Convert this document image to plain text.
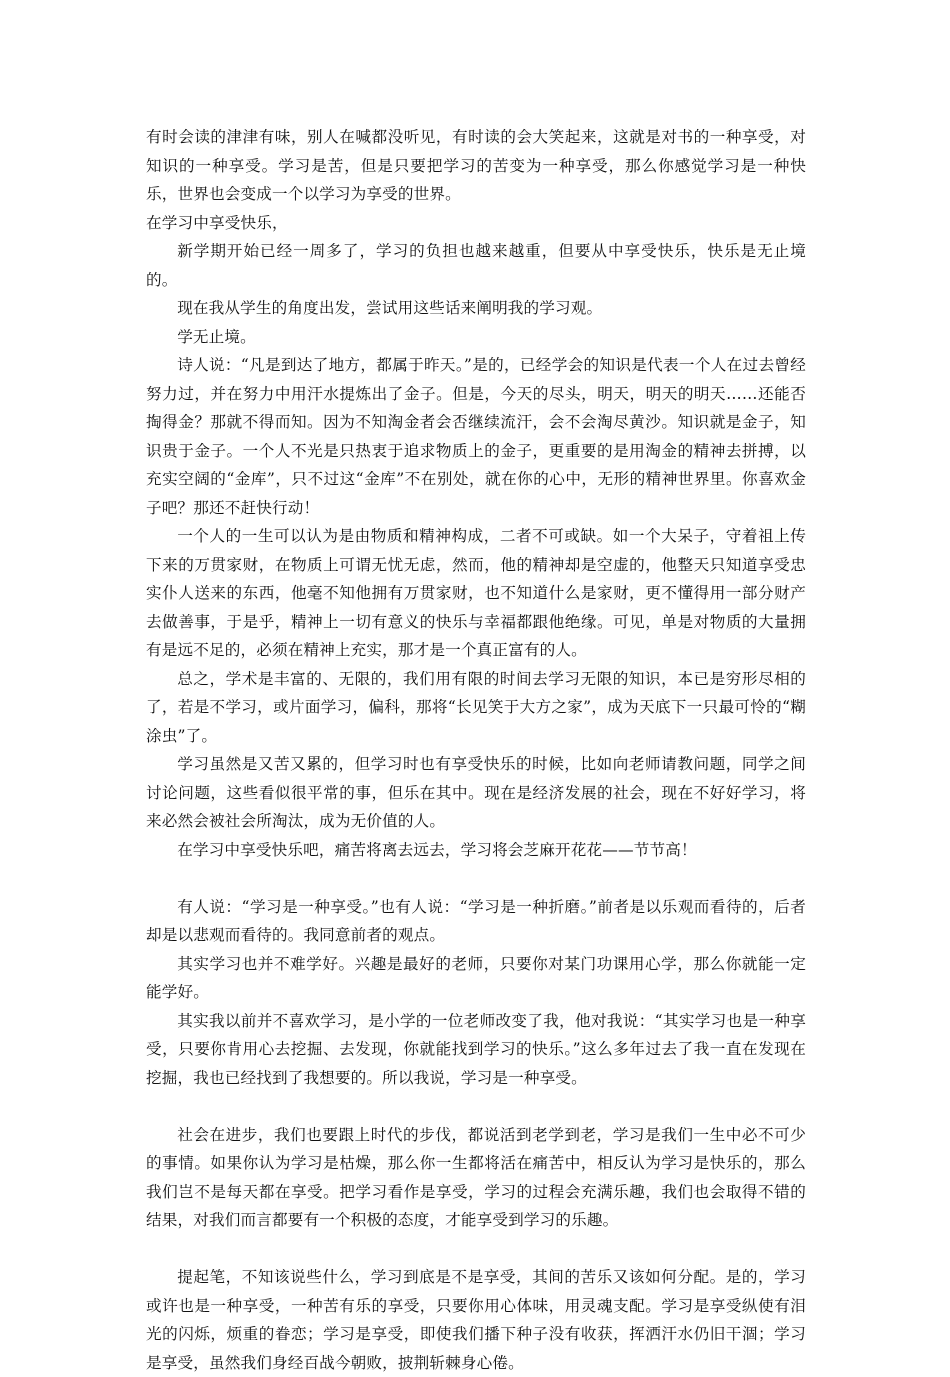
有时会读的津津有味，别人在喊都没听见，有时读的会大笑起来，这就是对书的一种享受，对知识的一种享受。学习是苦，但是只要把学习的苦变为一种享受，那么你感觉学习是一种快乐，世界也会变成一个以学习为享受的世界。

在学习中享受快乐，

新学期开始已经一周多了，学习的负担也越来越重，但要从中享受快乐，快乐是无止境的。

现在我从学生的角度出发，尝试用这些话来阐明我的学习观。

学无止境。

诗人说：“凡是到达了地方，都属于昨天。”是的，已经学会的知识是代表一个人在过去曾经努力过，并在努力中用汗水提炼出了金子。但是，今天的尽头，明天，明天的明天……还能否掏得金？那就不得而知。因为不知淘金者会否继续流汗，会不会淘尽黄沙。知识就是金子，知识贵于金子。一个人不光是只热衷于追求物质上的金子，更重要的是用淘金的精神去拼搏，以充实空阔的“金库”，只不过这“金库”不在别处，就在你的心中，无形的精神世界里。你喜欢金子吧？那还不赶快行动！

一个人的一生可以认为是由物质和精神构成，二者不可或缺。如一个大呆子，守着祖上传下来的万贯家财，在物质上可谓无忧无虑，然而，他的精神却是空虚的，他整天只知道享受忠实仆人送来的东西，他毫不知他拥有万贯家财，也不知道什么是家财，更不懂得用一部分财产去做善事，于是乎，精神上一切有意义的快乐与幸福都跟他绝缘。可见，单是对物质的大量拥有是远不足的，必须在精神上充实，那才是一个真正富有的人。

总之，学术是丰富的、无限的，我们用有限的时间去学习无限的知识，本已是穷形尽相的了，若是不学习，或片面学习，偏科，那将“长见笑于大方之家”，成为天底下一只最可怜的“糊涂虫”了。

学习虽然是又苦又累的，但学习时也有享受快乐的时候，比如向老师请教问题，同学之间讨论问题，这些看似很平常的事，但乐在其中。现在是经济发展的社会，现在不好好学习，将来必然会被社会所淘汰，成为无价值的人。

在学习中享受快乐吧，痛苦将离去远去，学习将会芝麻开花花——节节高！

有人说：“学习是一种享受。”也有人说：“学习是一种折磨。”前者是以乐观而看待的，后者却是以悲观而看待的。我同意前者的观点。

其实学习也并不难学好。兴趣是最好的老师，只要你对某门功课用心学，那么你就能一定能学好。

其实我以前并不喜欢学习，是小学的一位老师改变了我，他对我说：“其实学习也是一种享受，只要你肯用心去挖掘、去发现，你就能找到学习的快乐。”这么多年过去了我一直在发现在挖掘，我也已经找到了我想要的。所以我说，学习是一种享受。

社会在进步，我们也要跟上时代的步伐，都说活到老学到老，学习是我们一生中必不可少的事情。如果你认为学习是枯燥，那么你一生都将活在痛苦中，相反认为学习是快乐的，那么我们岂不是每天都在享受。把学习看作是享受，学习的过程会充满乐趣，我们也会取得不错的结果，对我们而言都要有一个积极的态度，才能享受到学习的乐趣。

提起笔，不知该说些什么，学习到底是不是享受，其间的苦乐又该如何分配。是的，学习或许也是一种享受，一种苦有乐的享受，只要你用心体味，用灵魂支配。学习是享受纵使有泪光的闪烁，烦重的眷恋；学习是享受，即使我们播下种子没有收获，挥洒汗水仍旧干涸；学习是享受，虽然我们身经百战今朝败，披荆斩棘身心倦。
